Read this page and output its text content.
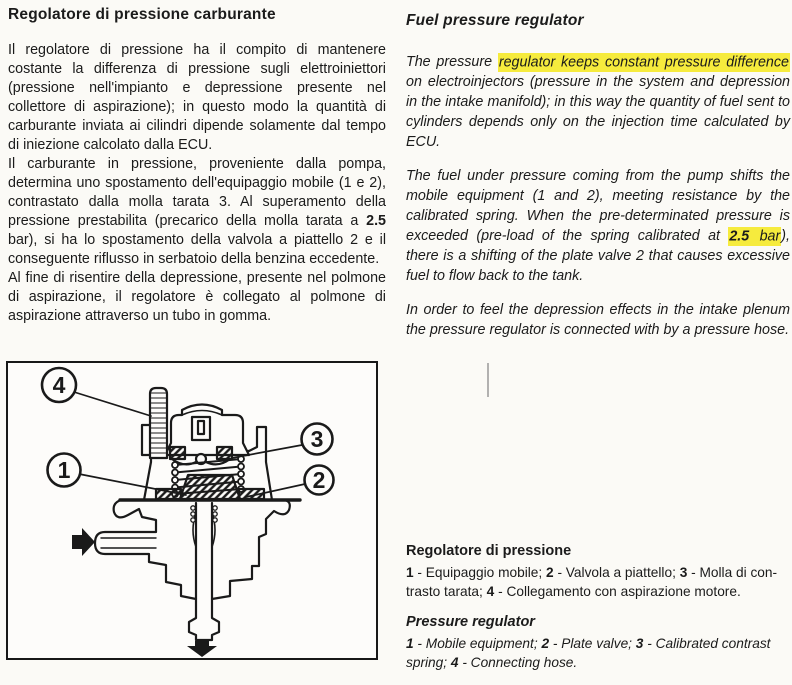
Regolatore di pressione carburante

Il regolatore di pressione ha il compito di mantenere costante la differenza di pressione sugli elettroiniettori (pressione nell'impianto e depressione presente nel collettore di aspirazione); in questo modo la quantità di carburante inviata ai cilindri dipende solamente dal tempo di iniezione calcolato dalla ECU.

Il carburante in pressione, proveniente dalla pompa, determina uno spostamento dell'equipaggio mobile (1 e 2), contrastato dalla molla tarata 3. Al superamento della pressione prestabilita (precarico della molla tarata a 2.5 bar), si ha lo spostamento della valvola a piattello 2 e il conseguente riflusso in serbatoio della benzina eccedente.

Al fine di risentire della depressione, presente nel polmone di aspirazione, il regolatore è collegato al polmone di aspirazione attraverso un tubo in gomma.

Fuel pressure regulator

The pressure regulator keeps constant pressure difference on electroinjectors (pressure in the system and depression in the intake manifold); in this way the quantity of fuel sent to cylinders depends only on the injection time calculated by ECU.

The fuel under pressure coming from the pump shifts the mobile equipment (1 and 2), meeting resistance by the calibrated spring. When the pre-determinated pressure is exceeded (pre-load of the spring calibrated at 2.5 bar), there is a shifting of the plate valve 2 that causes excessive fuel to flow back to the tank.

In order to feel the depression effects in the intake plenum the pressure regulator is connected with by a pressure hose.

4
1
3
2
Regolatore di pressione

1 - Equipaggio mobile; 2 - Valvola a piattello; 3 - Molla di contrasto tarata; 4 - Collegamento con aspirazione motore.

Pressure regulator

1 - Mobile equipment; 2 - Plate valve; 3 - Calibrated contrast spring; 4 - Connecting hose.
